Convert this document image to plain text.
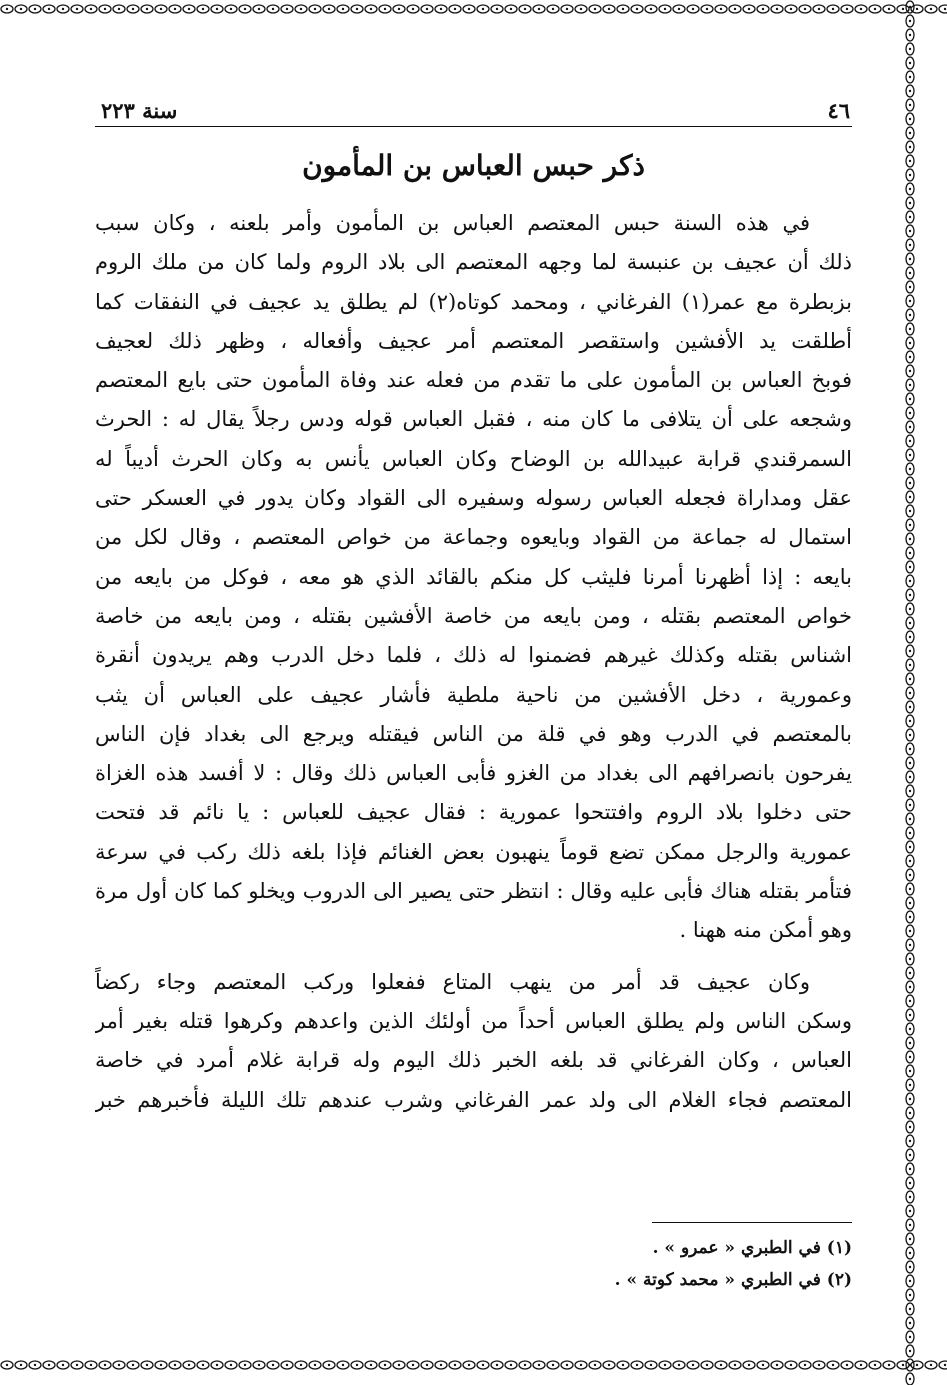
٤٦
سنة ٢٢٣
ذكر حبس العباس بن المأمون
في هذه السنة حبس المعتصم العباس بن المأمون وأمر بلعنه ، وكان سبب
ذلك أن عجيف بن عنبسة لما وجهه المعتصم الى بلاد الروم ولما كان من ملك الروم
بزبطرة مع عمر(١) الفرغاني ، ومحمد كوتاه(٢) لم يطلق يد عجيف في النفقات كما
أطلقت يد الأفشين واستقصر المعتصم أمر عجيف وأفعاله ، وظهر ذلك لعجيف
فوبخ العباس بن المأمون على ما تقدم من فعله عند وفاة المأمون حتى بايع المعتصم
وشجعه على أن يتلافى ما كان منه ، فقبل العباس قوله ودس رجلاً يقال له : الحرث
السمرقندي قرابة عبيدالله بن الوضاح وكان العباس يأنس به وكان الحرث أديباً له
عقل ومداراة فجعله العباس رسوله وسفيره الى القواد وكان يدور في العسكر حتى
استمال له جماعة من القواد وبايعوه وجماعة من خواص المعتصم ، وقال لكل من
بايعه : إذا أظهرنا أمرنا فليثب كل منكم بالقائد الذي هو معه ، فوكل من بايعه من
خواص المعتصم بقتله ، ومن بايعه من خاصة الأفشين بقتله ، ومن بايعه من خاصة
اشناس بقتله وكذلك غيرهم فضمنوا له ذلك ، فلما دخل الدرب وهم يريدون أنقرة
وعمورية ، دخل الأفشين من ناحية ملطية فأشار عجيف على العباس أن يثب
بالمعتصم في الدرب وهو في قلة من الناس فيقتله ويرجع الى بغداد فإن الناس
يفرحون بانصرافهم الى بغداد من الغزو فأبى العباس ذلك وقال : لا أفسد هذه الغزاة
حتى دخلوا بلاد الروم وافتتحوا عمورية : فقال عجيف للعباس : يا نائم قد فتحت
عمورية والرجل ممكن تضع قوماً ينهبون بعض الغنائم فإذا بلغه ذلك ركب في سرعة
فتأمر بقتله هناك فأبى عليه وقال : انتظر حتى يصير الى الدروب ويخلو كما كان أول مرة
وهو أمكن منه ههنا .
وكان عجيف قد أمر من ينهب المتاع ففعلوا وركب المعتصم وجاء ركضاً
وسكن الناس ولم يطلق العباس أحداً من أولئك الذين واعدهم وكرهوا قتله بغير أمر
العباس ، وكان الفرغاني قد بلغه الخبر ذلك اليوم وله قرابة غلام أمرد في خاصة
المعتصم فجاء الغلام الى ولد عمر الفرغاني وشرب عندهم تلك الليلة فأخبرهم خبر
(١) في الطبري « عمرو » .
(٢) في الطبري « محمد كوتة » .
